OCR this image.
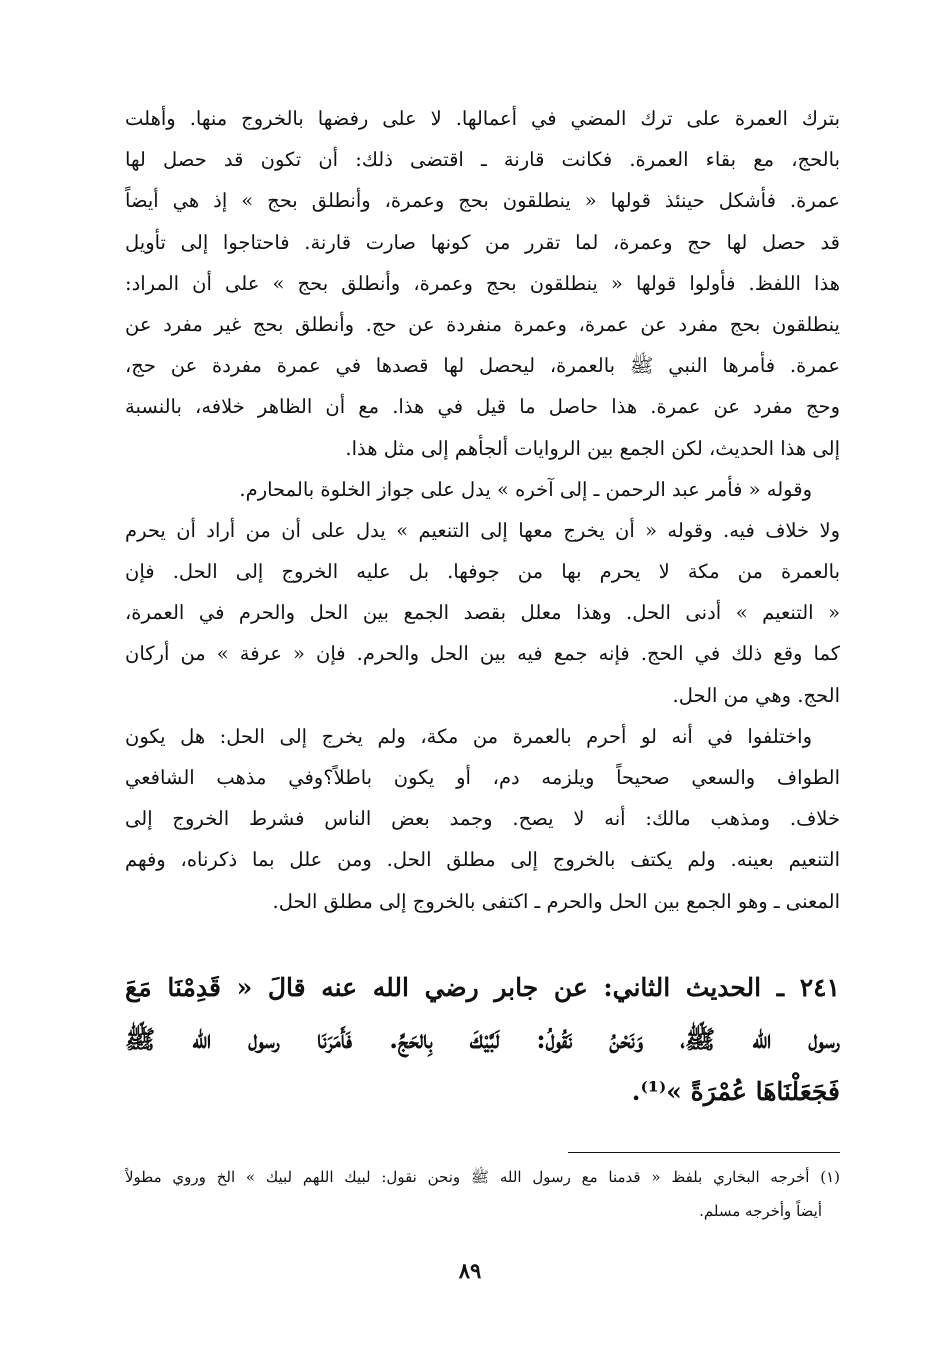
بترك العمرة على ترك المضي في أعمالها. لا على رفضها بالخروج منها. وأهلت
بالحج، مع بقاء العمرة. فكانت قارنة ـ اقتضى ذلك: أن تكون قد حصل لها
عمرة. فأشكل حينئذ قولها « ينطلقون بحج وعمرة، وأنطلق بحج » إذ هي أيضاً
قد حصل لها حج وعمرة، لما تقرر من كونها صارت قارنة. فاحتاجوا إلى تأويل
هذا اللفظ. فأولوا قولها « ينطلقون بحج وعمرة، وأنطلق بحج » على أن المراد:
ينطلقون بحج مفرد عن عمرة، وعمرة منفردة عن حج. وأنطلق بحج غير مفرد عن
عمرة. فأمرها النبي ﷺ بالعمرة، ليحصل لها قصدها في عمرة مفردة عن حج،
وحج مفرد عن عمرة. هذا حاصل ما قيل في هذا. مع أن الظاهر خلافه، بالنسبة
إلى هذا الحديث، لكن الجمع بين الروايات ألجأهم إلى مثل هذا.
وقوله « فأمر عبد الرحمن ـ إلى آخره » يدل على جواز الخلوة بالمحارم.
ولا خلاف فيه. وقوله « أن يخرج معها إلى التنعيم » يدل على أن من أراد أن يحرم
بالعمرة من مكة لا يحرم بها من جوفها. بل عليه الخروج إلى الحل. فإن
« التنعيم » أدنى الحل. وهذا معلل بقصد الجمع بين الحل والحرم في العمرة،
كما وقع ذلك في الحج. فإنه جمع فيه بين الحل والحرم. فإن « عرفة » من أركان
الحج. وهي من الحل.
واختلفوا في أنه لو أحرم بالعمرة من مكة، ولم يخرج إلى الحل: هل يكون
الطواف والسعي صحيحاً ويلزمه دم، أو يكون باطلاً؟وفي مذهب الشافعي
خلاف. ومذهب مالك: أنه لا يصح. وجمد بعض الناس فشرط الخروج إلى
التنعيم بعينه. ولم يكتف بالخروج إلى مطلق الحل. ومن علل بما ذكرناه، وفهم
المعنى ـ وهو الجمع بين الحل والحرم ـ اكتفى بالخروج إلى مطلق الحل.
٢٤١ ـ الحديث الثاني: عن جابر رضي الله عنه قالَ « قَدِمْنَا مَعَ
رسول الله ﷺ، وَنَحْنُ نَقُولُ: لَبَّيْكَ بِالحَجِّ. فَأَمَرَنَا رسول الله ﷺ
فَجَعَلْنَاهَا عُمْرَةً »⁽¹⁾.
(١) أخرجه البخاري بلفظ « قدمنا مع رسول الله ﷺ ونحن نقول: لبيك اللهم لبيك » الخ وروي مطولاً
أيضاً وأخرجه مسلم.
٨٩
